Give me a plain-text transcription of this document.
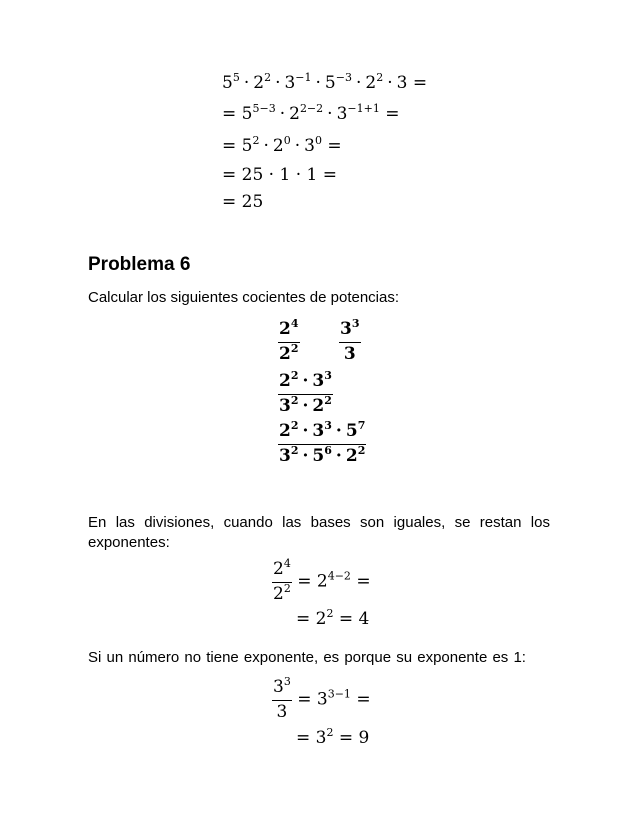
$5^5 \cdot 2^2 \cdot 3^{-1} \cdot 5^{-3} \cdot 2^2 \cdot 3$ =
= $5^{5-3} \cdot 2^{2-2} \cdot 3^{-1+1}$ =
= $5^2 \cdot 2^0 \cdot 3^0$ =
= 25 · 1 · 1 =
= 25
Problema 6

Calcular los siguientes cocientes de potencias:

$\frac{2^4}{2^2} \frac{3^3}{3}$
$\frac{2^2 \cdot 3^3}{3^2 \cdot 2^2}$
$\frac{2^2 \cdot 3^3 \cdot 5^7}{3^2 \cdot 5^6 \cdot 2^2}$

En las divisiones, cuando las bases son iguales, se restan los exponentes:

$\frac{2^4}{2^2} = 2^{4-2}$ =
= $2^2 = 4$

Si un número no tiene exponente, es porque su exponente es 1:

$\frac{3^3}{3} = 3^{3-1}$ =
= $3^2 = 9$
